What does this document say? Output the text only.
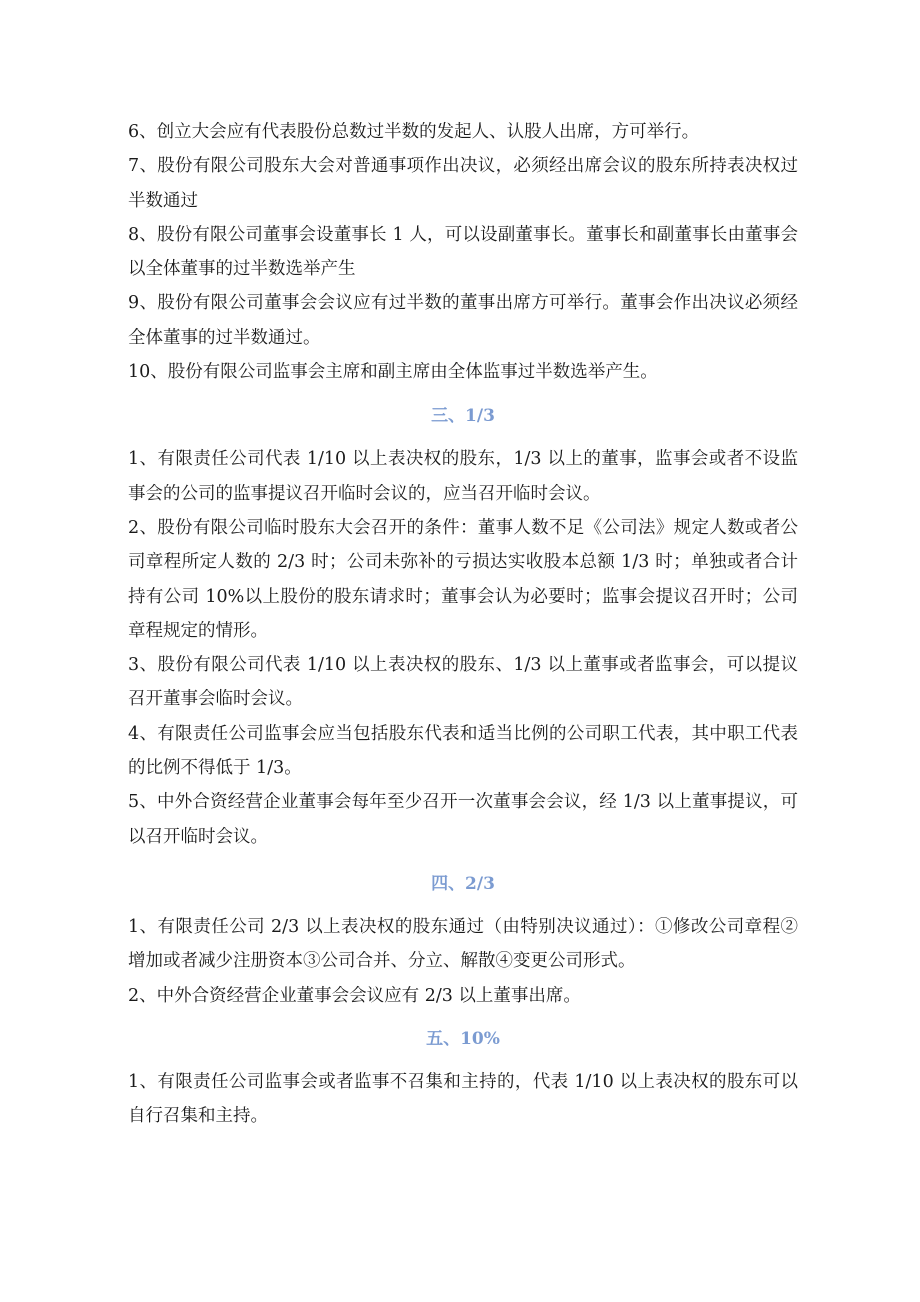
6、创立大会应有代表股份总数过半数的发起人、认股人出席，方可举行。

7、股份有限公司股东大会对普通事项作出决议，必须经出席会议的股东所持表决权过半数通过

8、股份有限公司董事会设董事长 1 人，可以设副董事长。董事长和副董事长由董事会以全体董事的过半数选举产生

9、股份有限公司董事会会议应有过半数的董事出席方可举行。董事会作出决议必须经全体董事的过半数通过。

10、股份有限公司监事会主席和副主席由全体监事过半数选举产生。

三、1/3

1、有限责任公司代表 1/10 以上表决权的股东，1/3 以上的董事，监事会或者不设监事会的公司的监事提议召开临时会议的，应当召开临时会议。

2、股份有限公司临时股东大会召开的条件：董事人数不足《公司法》规定人数或者公司章程所定人数的 2/3 时；公司未弥补的亏损达实收股本总额 1/3 时；单独或者合计持有公司 10%以上股份的股东请求时；董事会认为必要时；监事会提议召开时；公司章程规定的情形。

3、股份有限公司代表 1/10 以上表决权的股东、1/3 以上董事或者监事会，可以提议召开董事会临时会议。

4、有限责任公司监事会应当包括股东代表和适当比例的公司职工代表，其中职工代表的比例不得低于 1/3。

5、中外合资经营企业董事会每年至少召开一次董事会会议，经 1/3 以上董事提议，可以召开临时会议。

四、2/3

1、有限责任公司 2/3 以上表决权的股东通过（由特别决议通过）：①修改公司章程②增加或者减少注册资本③公司合并、分立、解散④变更公司形式。

2、中外合资经营企业董事会会议应有 2/3 以上董事出席。

五、10%

1、有限责任公司监事会或者监事不召集和主持的，代表 1/10 以上表决权的股东可以自行召集和主持。
